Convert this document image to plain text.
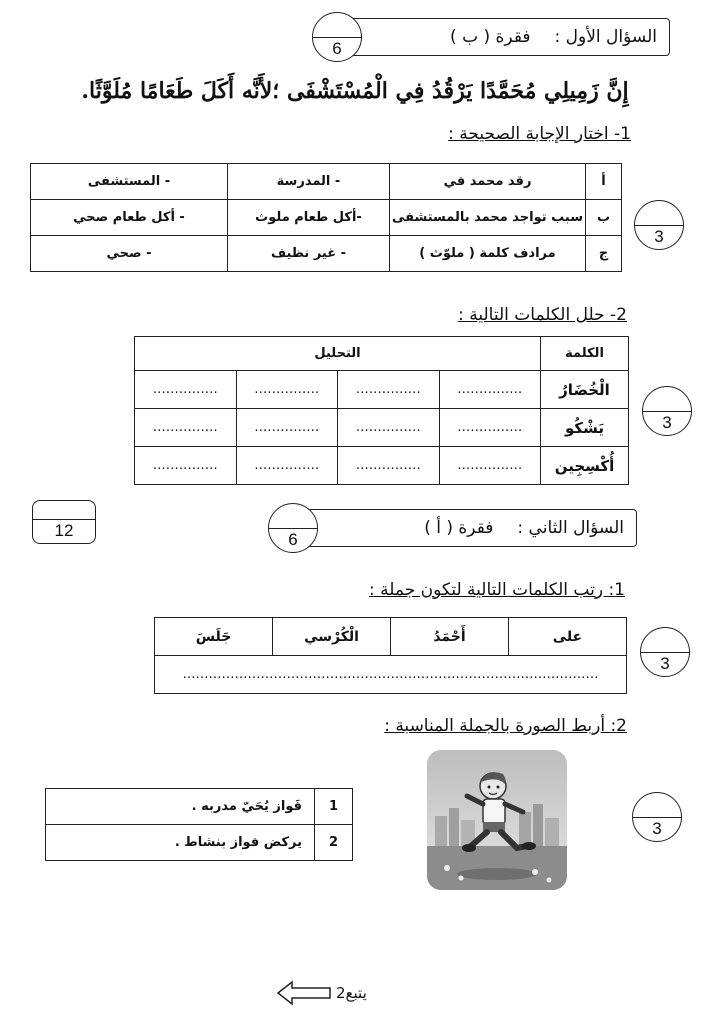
السؤال الأول :
فقرة ( ب )
6
إِنَّ زَمِيلِي مُحَمَّدًا يَرْقُدُ فِي الْمُسْتَشْفَى ؛لأَنَّه أَكَلَ طَعَامًا مُلَوَّثًا.
1- اختار الإجابة الصحيحة :
أ	رقد محمد في	- المدرسة	- المستشفى
ب	سبب تواجد محمد بالمستشفى	-أكل طعام ملوث	- أكل طعام صحي
ج	مرادف كلمة ( ملوّث )	- غير نظيف	- صحي
3
2- حلل الكلمات التالية :
الكلمة	التحليل			
الْخُضَارُ	……………	……………	……………	……………
يَشْكُو	……………	……………	……………	……………
أُكْسِجِين	……………	……………	……………	……………
3
12	السؤال الثاني :
فقرة ( أ )
6
1: رتب الكلمات التالية لتكون جملة :
على	أَحْمَدُ	الْكُرْسي	جَلَسَ
……………………………………………………………………………………
3
2: أربط الصورة بالجملة المناسبة :
3
1	فَواز يُحَيّ مدربه .
2	يركض فواز بنشاط .
يتبع2
